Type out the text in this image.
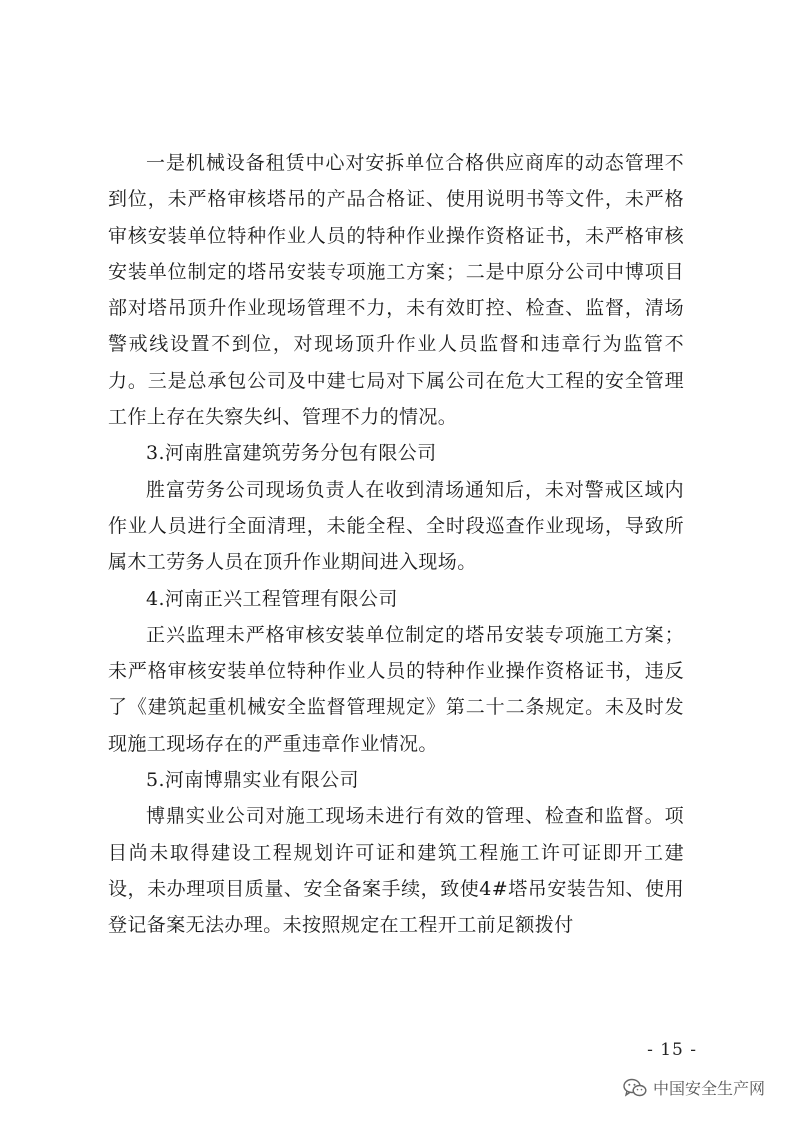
一是机械设备租赁中心对安拆单位合格供应商库的动态管理不到位，未严格审核塔吊的产品合格证、使用说明书等文件，未严格审核安装单位特种作业人员的特种作业操作资格证书，未严格审核安装单位制定的塔吊安装专项施工方案；二是中原分公司中博项目部对塔吊顶升作业现场管理不力，未有效盯控、检查、监督，清场警戒线设置不到位，对现场顶升作业人员监督和违章行为监管不力。三是总承包公司及中建七局对下属公司在危大工程的安全管理工作上存在失察失纠、管理不力的情况。

3.河南胜富建筑劳务分包有限公司

胜富劳务公司现场负责人在收到清场通知后，未对警戒区域内作业人员进行全面清理，未能全程、全时段巡查作业现场，导致所属木工劳务人员在顶升作业期间进入现场。

4.河南正兴工程管理有限公司

正兴监理未严格审核安装单位制定的塔吊安装专项施工方案；未严格审核安装单位特种作业人员的特种作业操作资格证书，违反了《建筑起重机械安全监督管理规定》第二十二条规定。未及时发现施工现场存在的严重违章作业情况。

5.河南博鼎实业有限公司

博鼎实业公司对施工现场未进行有效的管理、检查和监督。项目尚未取得建设工程规划许可证和建筑工程施工许可证即开工建设，未办理项目质量、安全备案手续，致使4#塔吊安装告知、使用登记备案无法办理。未按照规定在工程开工前足额拨付

- 15 -
中国安全生产网
